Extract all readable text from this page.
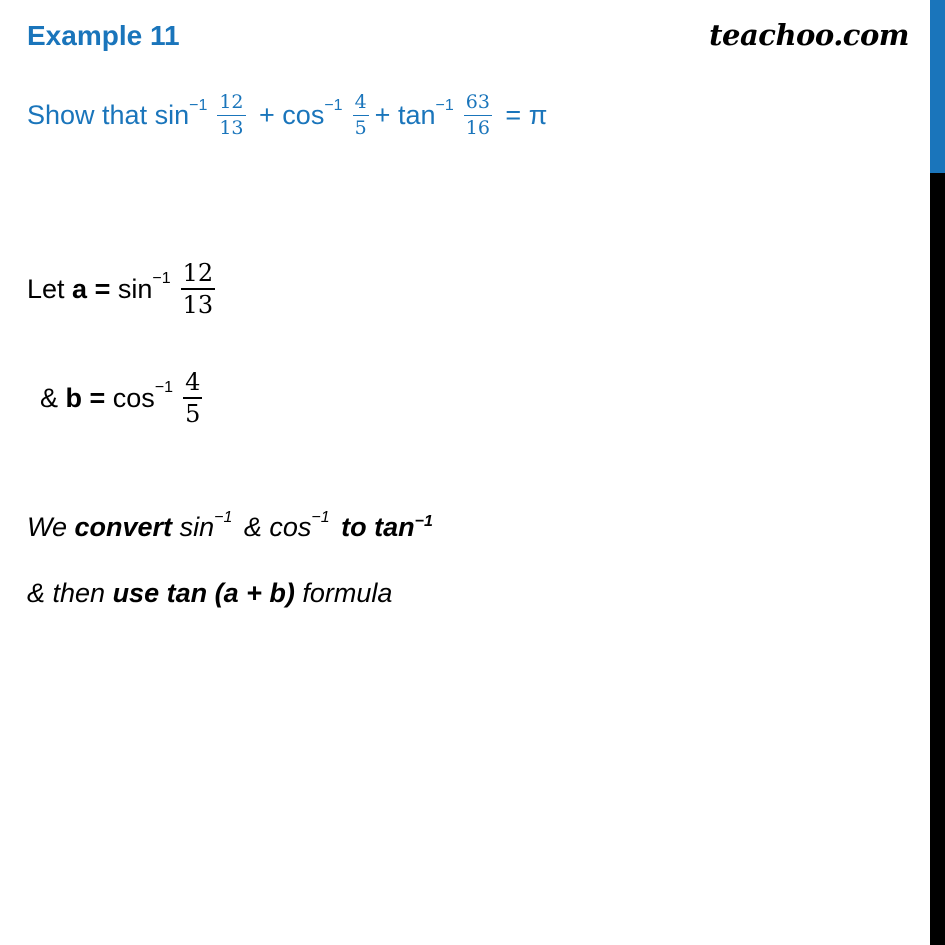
Example 11	teachoo.com
Show that $\sin^{-1} \frac{12}{13} + \cos^{-1} \frac{4}{5} + \tan^{-1} \frac{63}{16} = \pi$
Let $a = \sin^{-1} \frac{12}{13}$
& $b = \cos^{-1} \frac{4}{5}$
We convert $\sin^{-1}$ & $\cos^{-1}$ to tan $^{-1}$
& then use tan (a + b) formula
